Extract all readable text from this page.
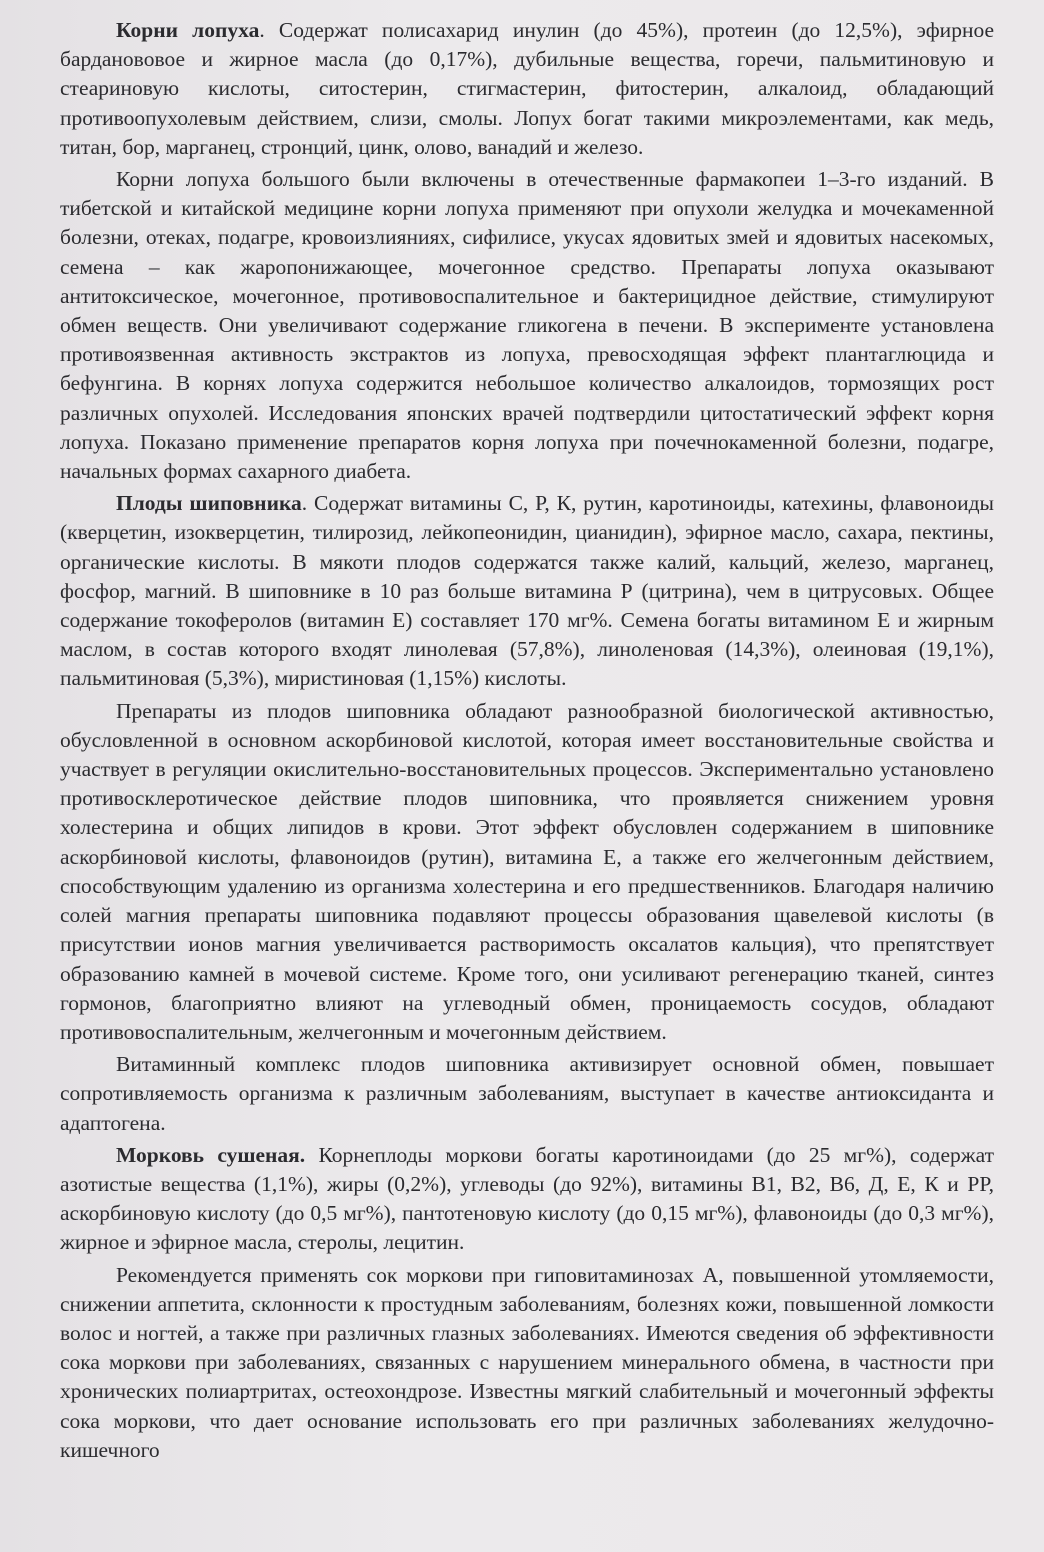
Корни лопуха. Содержат полисахарид инулин (до 45%), протеин (до 12,5%), эфирное барданововое и жирное масла (до 0,17%), дубильные вещества, горечи, пальмитиновую и стеариновую кислоты, ситостерин, стигмастерин, фитостерин, алкалоид, обладающий противоопухолевым действием, слизи, смолы. Лопух богат такими микроэлементами, как медь, титан, бор, марганец, стронций, цинк, олово, ванадий и железо.

Корни лопуха большого были включены в отечественные фармакопеи 1–3-го изданий. В тибетской и китайской медицине корни лопуха применяют при опухоли желудка и мочекаменной болезни, отеках, подагре, кровоизлияниях, сифилисе, укусах ядовитых змей и ядовитых насекомых, семена – как жаропонижающее, мочегонное средство. Препараты лопуха оказывают антитоксическое, мочегонное, противовоспалительное и бактерицидное действие, стимулируют обмен веществ. Они увеличивают содержание гликогена в печени. В эксперименте установлена противоязвенная активность экстрактов из лопуха, превосходящая эффект плантаглюцида и бефунгина. В корнях лопуха содержится небольшое количество алкалоидов, тормозящих рост различных опухолей. Исследования японских врачей подтвердили цитостатический эффект корня лопуха. Показано применение препаратов корня лопуха при почечнокаменной болезни, подагре, начальных формах сахарного диабета.

Плоды шиповника. Содержат витамины С, Р, К, рутин, каротиноиды, катехины, флавоноиды (кверцетин, изокверцетин, тилирозид, лейкопеонидин, цианидин), эфирное масло, сахара, пектины, органические кислоты. В мякоти плодов содержатся также калий, кальций, железо, марганец, фосфор, магний. В шиповнике в 10 раз больше витамина Р (цитрина), чем в цитрусовых. Общее содержание токоферолов (витамин Е) составляет 170 мг%. Семена богаты витамином Е и жирным маслом, в состав которого входят линолевая (57,8%), линоленовая (14,3%), олеиновая (19,1%), пальмитиновая (5,3%), миристиновая (1,15%) кислоты.

Препараты из плодов шиповника обладают разнообразной биологической активностью, обусловленной в основном аскорбиновой кислотой, которая имеет восстановительные свойства и участвует в регуляции окислительно-восстановительных процессов. Экспериментально установлено противосклеротическое действие плодов шиповника, что проявляется снижением уровня холестерина и общих липидов в крови. Этот эффект обусловлен содержанием в шиповнике аскорбиновой кислоты, флавоноидов (рутин), витамина Е, а также его желчегонным действием, способствующим удалению из организма холестерина и его предшественников. Благодаря наличию солей магния препараты шиповника подавляют процессы образования щавелевой кислоты (в присутствии ионов магния увеличивается растворимость оксалатов кальция), что препятствует образованию камней в мочевой системе. Кроме того, они усиливают регенерацию тканей, синтез гормонов, благоприятно влияют на углеводный обмен, проницаемость сосудов, обладают противовоспалительным, желчегонным и мочегонным действием.

Витаминный комплекс плодов шиповника активизирует основной обмен, повышает сопротивляемость организма к различным заболеваниям, выступает в качестве антиоксиданта и адаптогена.

Морковь сушеная. Корнеплоды моркови богаты каротиноидами (до 25 мг%), содержат азотистые вещества (1,1%), жиры (0,2%), углеводы (до 92%), витамины В1, В2, В6, Д, Е, К и РР, аскорбиновую кислоту (до 0,5 мг%), пантотеновую кислоту (до 0,15 мг%), флавоноиды (до 0,3 мг%), жирное и эфирное масла, стеролы, лецитин.

Рекомендуется применять сок моркови при гиповитаминозах А, повышенной утомляемости, снижении аппетита, склонности к простудным заболеваниям, болезнях кожи, повышенной ломкости волос и ногтей, а также при различных глазных заболеваниях. Имеются сведения об эффективности сока моркови при заболеваниях, связанных с нарушением минерального обмена, в частности при хронических полиартритах, остеохондрозе. Известны мягкий слабительный и мочегонный эффекты сока моркови, что дает основание использовать его при различных заболеваниях желудочно-кишечного
